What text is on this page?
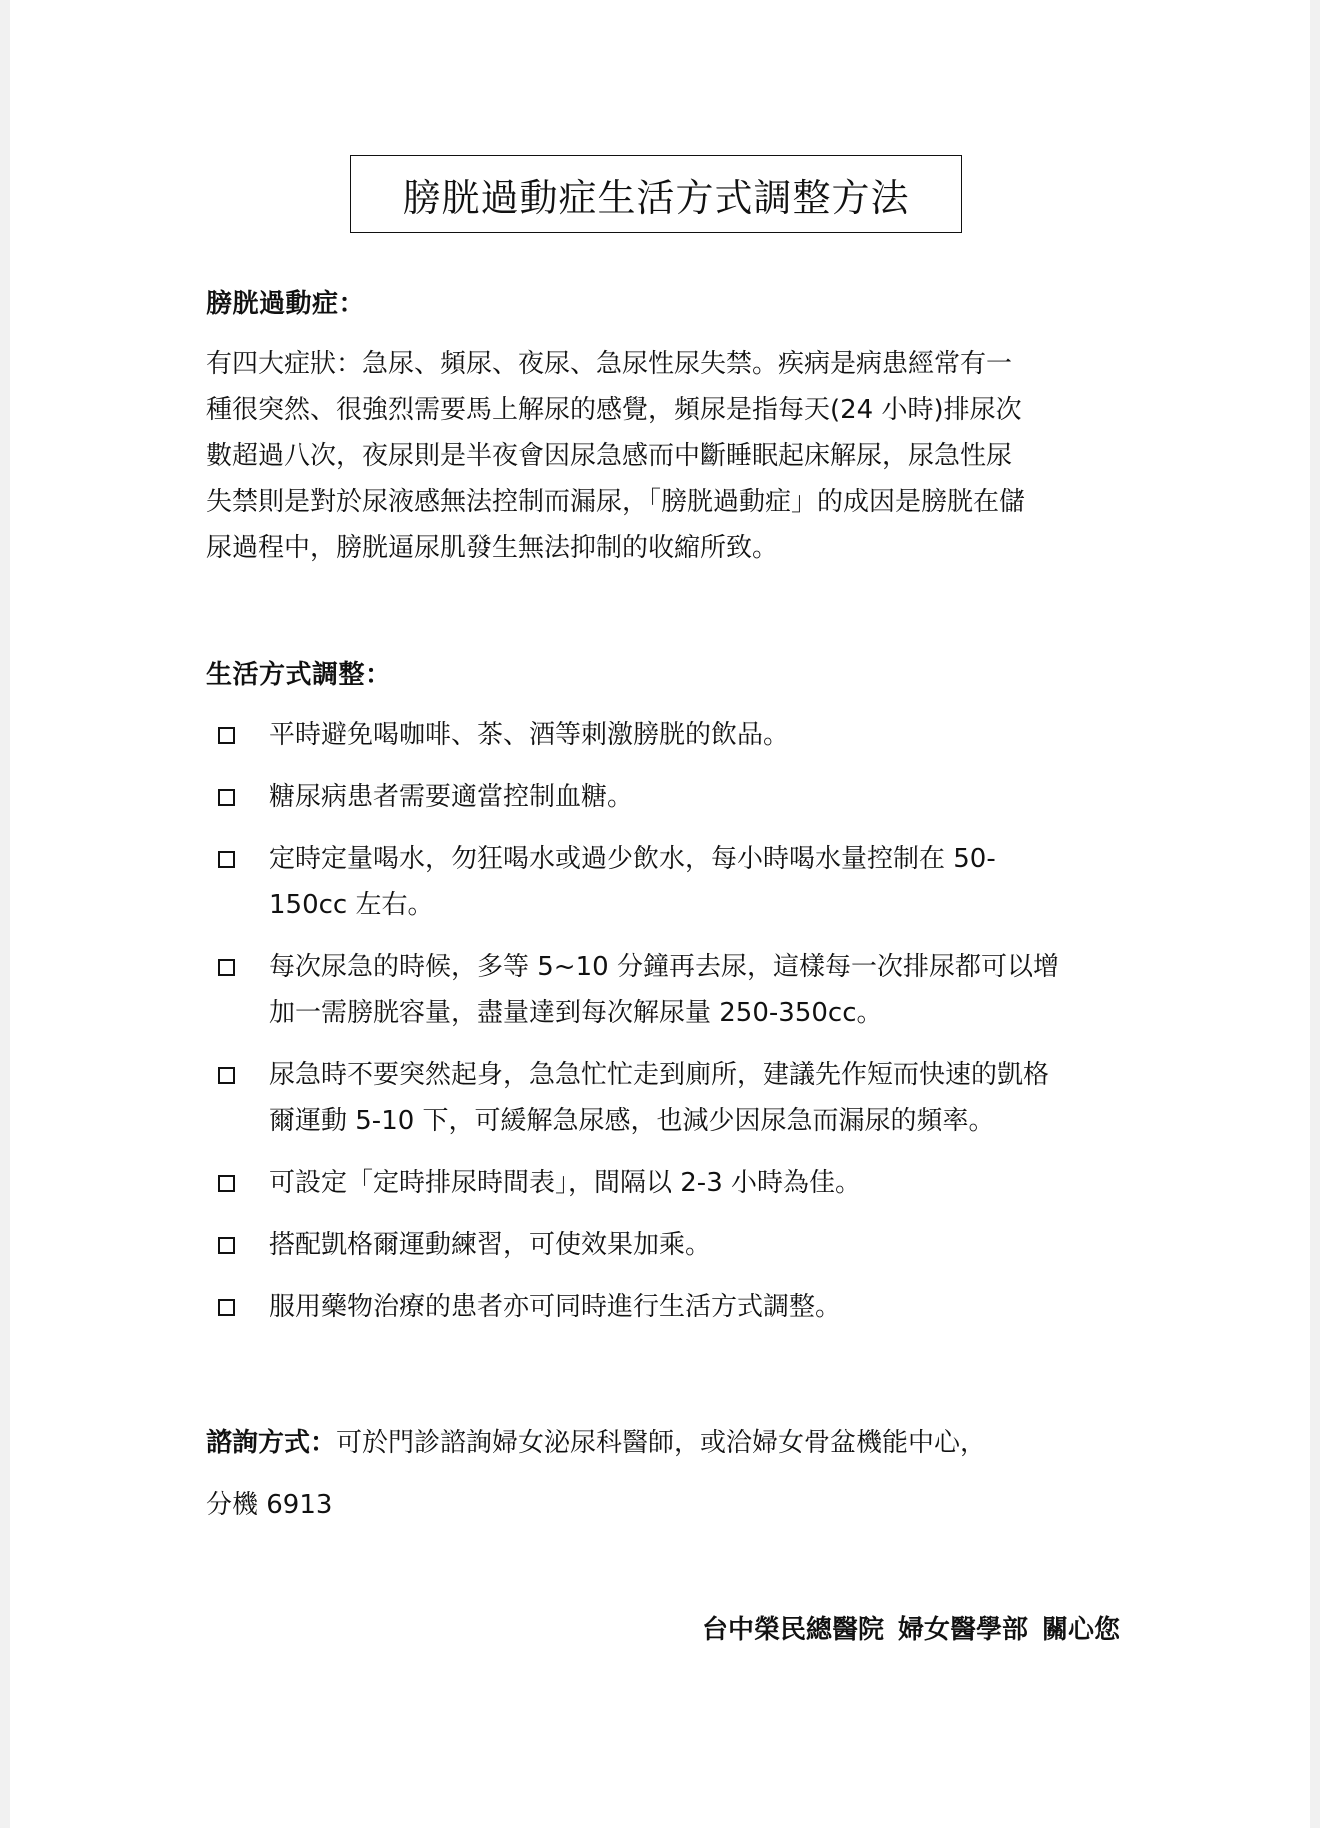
膀胱過動症生活方式調整方法
膀胱過動症：
有四大症狀：急尿、頻尿、夜尿、急尿性尿失禁。疾病是病患經常有一
種很突然、很強烈需要馬上解尿的感覺，頻尿是指每天(24 小時)排尿次
數超過八次，夜尿則是半夜會因尿急感而中斷睡眠起床解尿，尿急性尿
失禁則是對於尿液感無法控制而漏尿，「膀胱過動症」的成因是膀胱在儲
尿過程中，膀胱逼尿肌發生無法抑制的收縮所致。
生活方式調整：
平時避免喝咖啡、茶、酒等刺激膀胱的飲品。
糖尿病患者需要適當控制血糖。
定時定量喝水，勿狂喝水或過少飲水，每小時喝水量控制在 50-
150cc 左右。
每次尿急的時候，多等 5~10 分鐘再去尿，這樣每一次排尿都可以增
加一需膀胱容量，盡量達到每次解尿量 250-350cc。
尿急時不要突然起身，急急忙忙走到廁所，建議先作短而快速的凱格
爾運動 5-10 下，可緩解急尿感，也減少因尿急而漏尿的頻率。
可設定「定時排尿時間表」，間隔以 2-3 小時為佳。
搭配凱格爾運動練習，可使效果加乘。
服用藥物治療的患者亦可同時進行生活方式調整。
諮詢方式：可於門診諮詢婦女泌尿科醫師，或洽婦女骨盆機能中心，
分機 6913
台中榮民總醫院 婦女醫學部 關心您
